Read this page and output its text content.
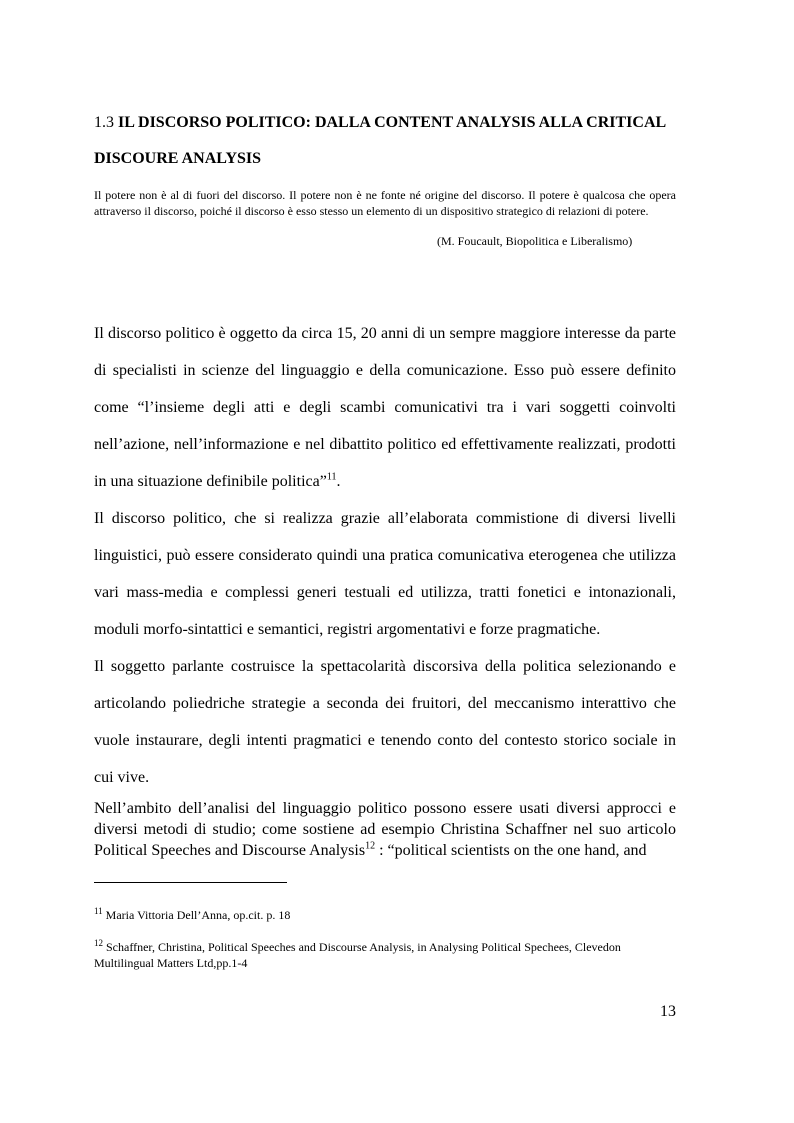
1.3 IL DISCORSO POLITICO: DALLA CONTENT ANALYSIS ALLA CRITICAL
DISCOURE ANALYSIS
Il potere non è al di fuori del discorso. Il potere non è ne fonte né origine del discorso. Il potere è qualcosa che opera attraverso il discorso, poiché il discorso è esso stesso un elemento di un dispositivo strategico di relazioni di potere.
(M. Foucault, Biopolitica e Liberalismo)
Il discorso politico è oggetto da circa 15, 20 anni di un sempre maggiore interesse da parte di specialisti in scienze del linguaggio e della comunicazione. Esso può essere definito come “l’insieme degli atti e degli scambi comunicativi tra i vari soggetti coinvolti nell’azione, nell’informazione e nel dibattito politico ed effettivamente realizzati, prodotti in una situazione definibile politica”$^{11}$.
Il discorso politico, che si realizza grazie all’elaborata commistione di diversi livelli linguistici, può essere considerato quindi una pratica comunicativa eterogenea che utilizza vari mass-media e complessi generi testuali ed utilizza, tratti fonetici e intonazionali, moduli morfo-sintattici e semantici, registri argomentativi e forze pragmatiche.
Il soggetto parlante costruisce la spettacolarità discorsiva della politica selezionando e articolando poliedriche strategie a seconda dei fruitori, del meccanismo interattivo che vuole instaurare, degli intenti pragmatici e tenendo conto del contesto storico sociale in cui vive.
Nell’ambito dell’analisi del linguaggio politico possono essere usati diversi approcci e diversi metodi di studio; come sostiene ad esempio Christina Schaffner nel suo articolo Political Speeches and Discourse Analysis$^{12}$ : “political scientists on the one hand, and
$^{11}$ Maria Vittoria Dell’Anna, op.cit. p. 18
$^{12}$ Schaffner, Christina, Political Speeches and Discourse Analysis, in Analysing Political Spechees, Clevedon Multilingual Matters Ltd,pp.1-4
13
